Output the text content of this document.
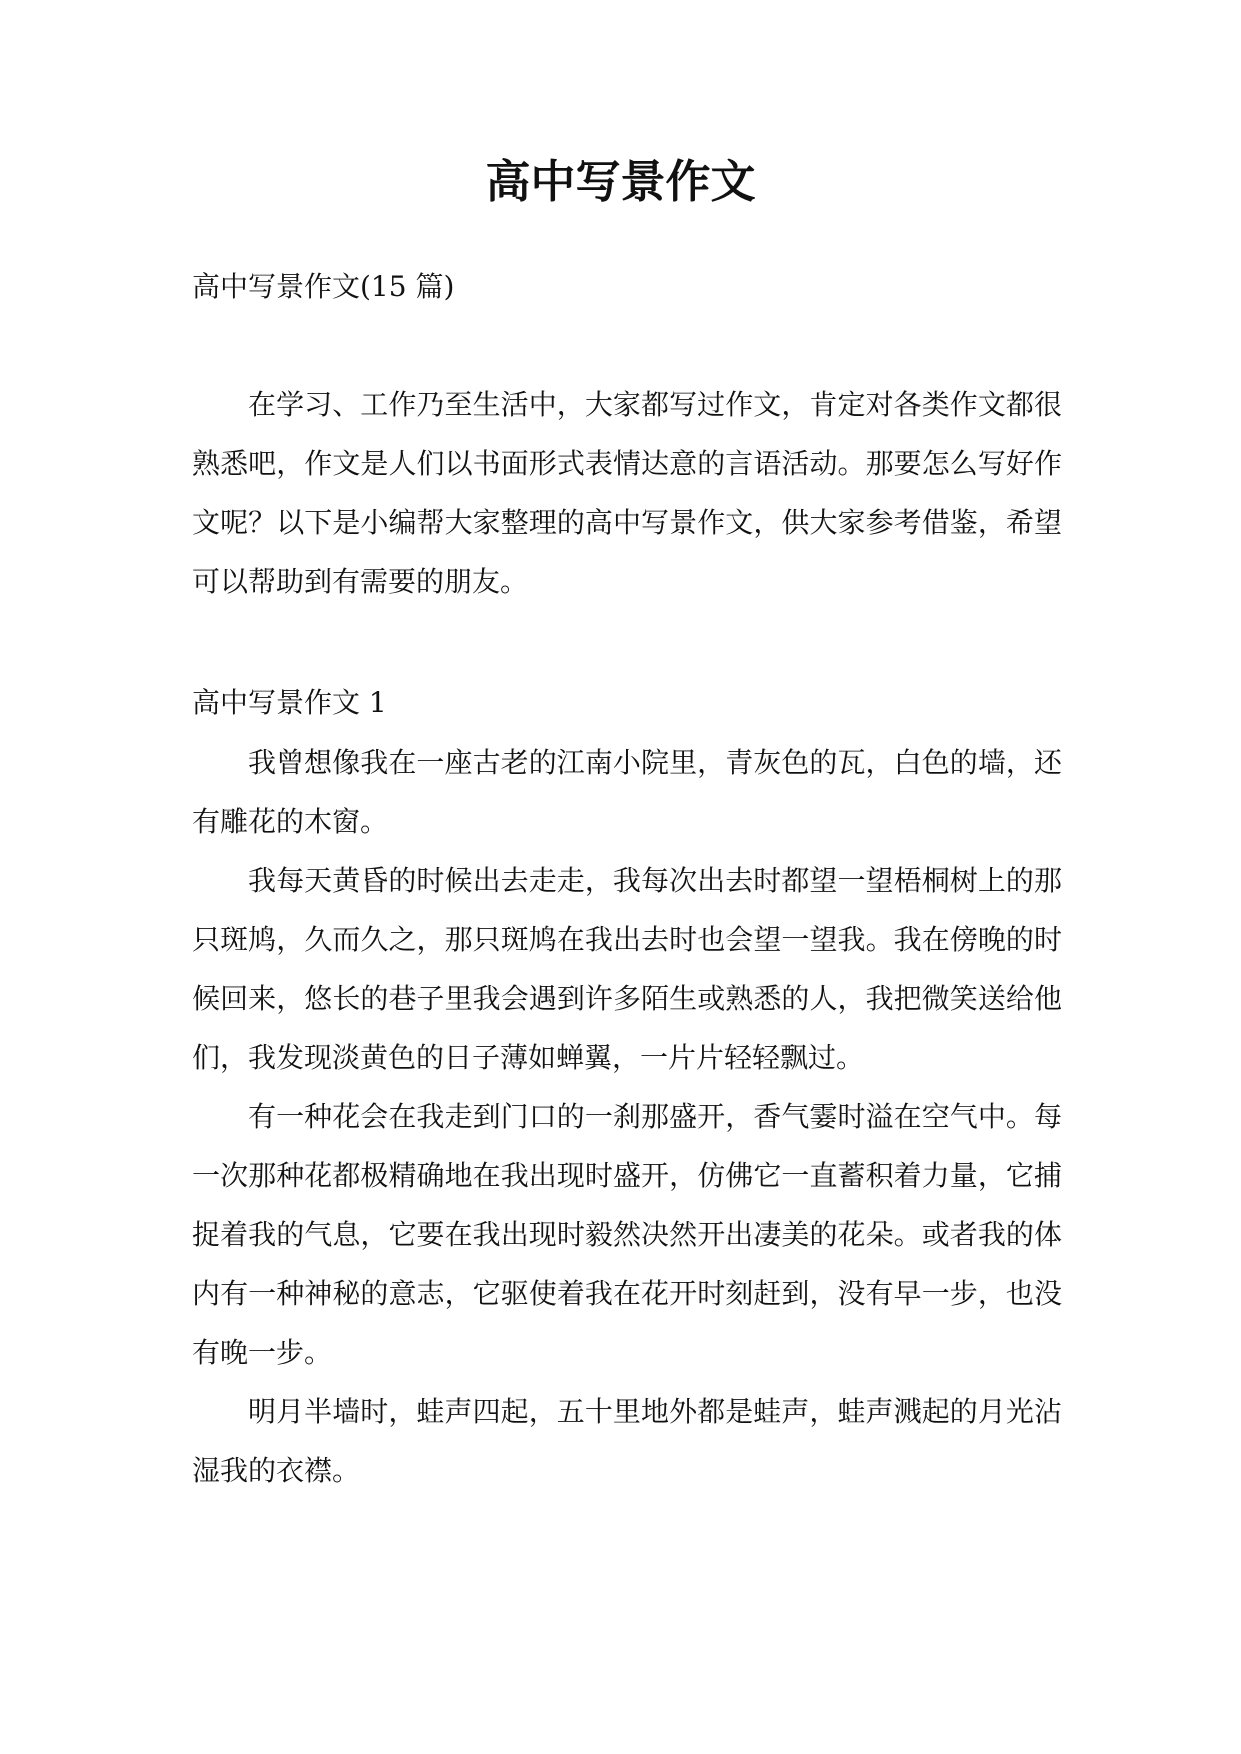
高中写景作文

高中写景作文(15 篇)

在学习、工作乃至生活中，大家都写过作文，肯定对各类作文都很熟悉吧，作文是人们以书面形式表情达意的言语活动。那要怎么写好作文呢？以下是小编帮大家整理的高中写景作文，供大家参考借鉴，希望可以帮助到有需要的朋友。

高中写景作文 1

我曾想像我在一座古老的江南小院里，青灰色的瓦，白色的墙，还有雕花的木窗。

我每天黄昏的时候出去走走，我每次出去时都望一望梧桐树上的那只斑鸠，久而久之，那只斑鸠在我出去时也会望一望我。我在傍晚的时候回来，悠长的巷子里我会遇到许多陌生或熟悉的人，我把微笑送给他们，我发现淡黄色的日子薄如蝉翼，一片片轻轻飘过。

有一种花会在我走到门口的一刹那盛开，香气霎时溢在空气中。每一次那种花都极精确地在我出现时盛开，仿佛它一直蓄积着力量，它捕捉着我的气息，它要在我出现时毅然决然开出凄美的花朵。或者我的体内有一种神秘的意志，它驱使着我在花开时刻赶到，没有早一步，也没有晚一步。

明月半墙时，蛙声四起，五十里地外都是蛙声，蛙声溅起的月光沾湿我的衣襟。
